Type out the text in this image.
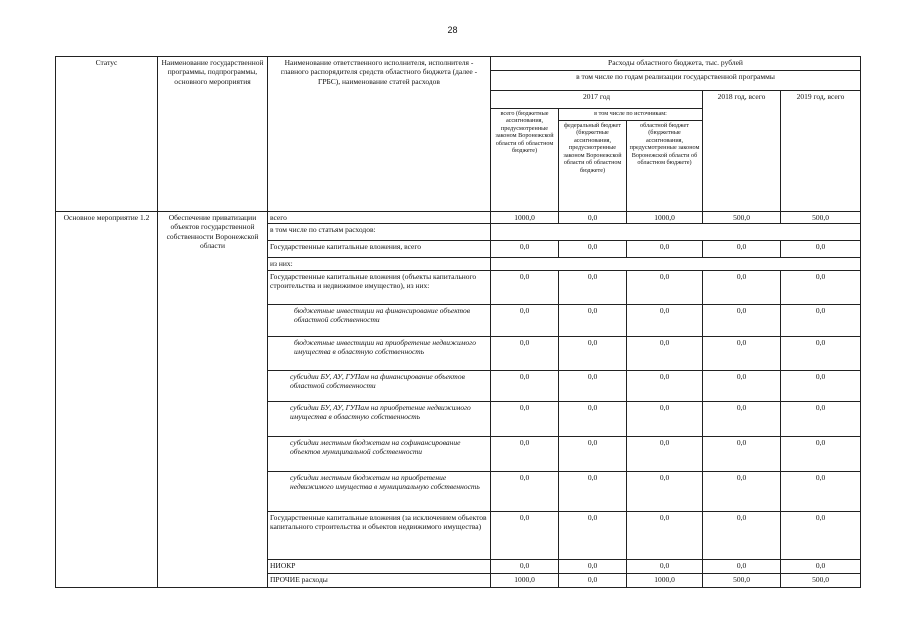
28
Статус	Наименование государственной программы, подпрограммы, основного мероприятия	Наименование ответственного исполнителя, исполнителя - главного распорядителя средств областного бюджета (далее - ГРБС), наименование статей расходов	Расходы областного бюджета, тыс. рублей				
			в том числе по годам реализации государственной программы				
			2017 год			2018 год, всего	2019 год, всего
			всего (бюджетные ассигнования, предусмотренные законом Воронежской области об областном бюджете)	в том числе по источникам:			
				федеральный бюджет (бюджетные ассигнования, предусмотренные законом Воронежской области об областном бюджете)	областной бюджет (бюджетные ассигнования, предусмотренные законом Воронежской области об областном бюджете)		
Основное мероприятие 1.2	Обеспечение приватизации объектов государственной собственности Воронежской области	всего	1000,0	0,0	1000,0	500,0	500,0
		в том числе по статьям расходов:					
		Государственные капитальные вложения, всего	0,0	0,0	0,0	0,0	0,0
		из них:					
		Государственные капитальные вложения (объекты капитального строительства и недвижимое имущество), из них:	0,0	0,0	0,0	0,0	0,0
		бюджетные инвестиции на финансирование объектов областной собственности	0,0	0,0	0,0	0,0	0,0
		бюджетные инвестиции на приобретение недвижимого имущества в областную собственность	0,0	0,0	0,0	0,0	0,0
		субсидии БУ, АУ, ГУПам на финансирование объектов областной собственности	0,0	0,0	0,0	0,0	0,0
		субсидии БУ, АУ, ГУПам на приобретение недвижимого имущества в областную собственность	0,0	0,0	0,0	0,0	0,0
		субсидии местным бюджетам на софинансирование объектов муниципальной собственности	0,0	0,0	0,0	0,0	0,0
		субсидии местным бюджетам на приобретение недвижимого имущества в муниципальную собственность	0,0	0,0	0,0	0,0	0,0
		Государственные капитальные вложения (за исключением объектов капитального строительства и объектов недвижимого имущества)	0,0	0,0	0,0	0,0	0,0
		НИОКР	0,0	0,0	0,0	0,0	0,0
		ПРОЧИЕ расходы	1000,0	0,0	1000,0	500,0	500,0
